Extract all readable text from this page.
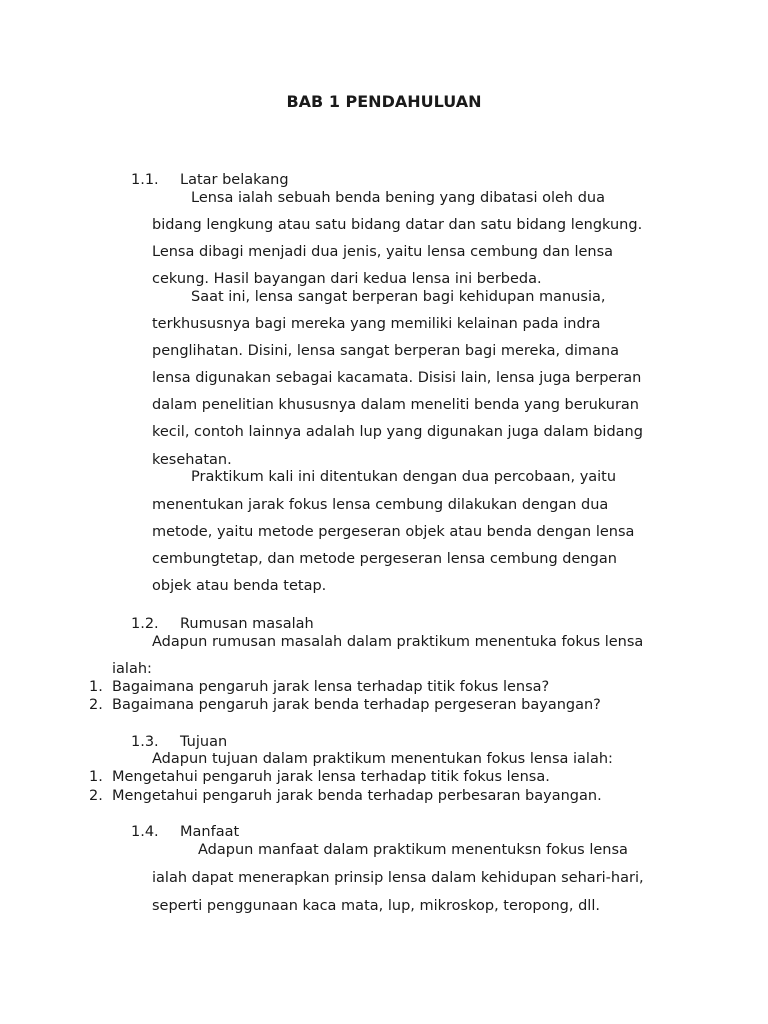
BAB 1 PENDAHULUAN
1.1. Latar belakang

Lensa ialah sebuah benda bening yang dibatasi oleh dua

bidang lengkung atau satu bidang datar dan satu bidang lengkung.

Lensa dibagi menjadi dua jenis, yaitu lensa cembung dan lensa

cekung. Hasil bayangan dari kedua lensa ini berbeda.

Saat ini, lensa sangat berperan bagi kehidupan manusia,

terkhususnya bagi mereka yang memiliki kelainan pada indra

penglihatan. Disini, lensa sangat berperan bagi mereka, dimana

lensa digunakan sebagai kacamata. Disisi lain, lensa juga berperan

dalam penelitian khususnya dalam meneliti benda yang berukuran

kecil, contoh lainnya adalah lup yang digunakan juga dalam bidang

kesehatan.

Praktikum kali ini ditentukan dengan dua percobaan, yaitu

menentukan jarak fokus lensa cembung dilakukan dengan dua

metode, yaitu metode pergeseran objek atau benda dengan lensa

cembungtetap, dan metode pergeseran lensa cembung dengan

objek atau benda tetap.

1.2. Rumusan masalah

Adapun rumusan masalah dalam praktikum menentuka fokus lensa

ialah:

1. Bagaimana pengaruh jarak lensa terhadap titik fokus lensa?
2. Bagaimana pengaruh jarak benda terhadap pergeseran bayangan?
1.3. Tujuan

Adapun tujuan dalam praktikum menentukan fokus lensa ialah:

1. Mengetahui pengaruh jarak lensa terhadap titik fokus lensa.
2. Mengetahui pengaruh jarak benda terhadap perbesaran bayangan.
1.4. Manfaat

Adapun manfaat dalam praktikum menentuksn fokus lensa

ialah dapat menerapkan prinsip lensa dalam kehidupan sehari-hari,

seperti penggunaan kaca mata, lup, mikroskop, teropong, dll.
